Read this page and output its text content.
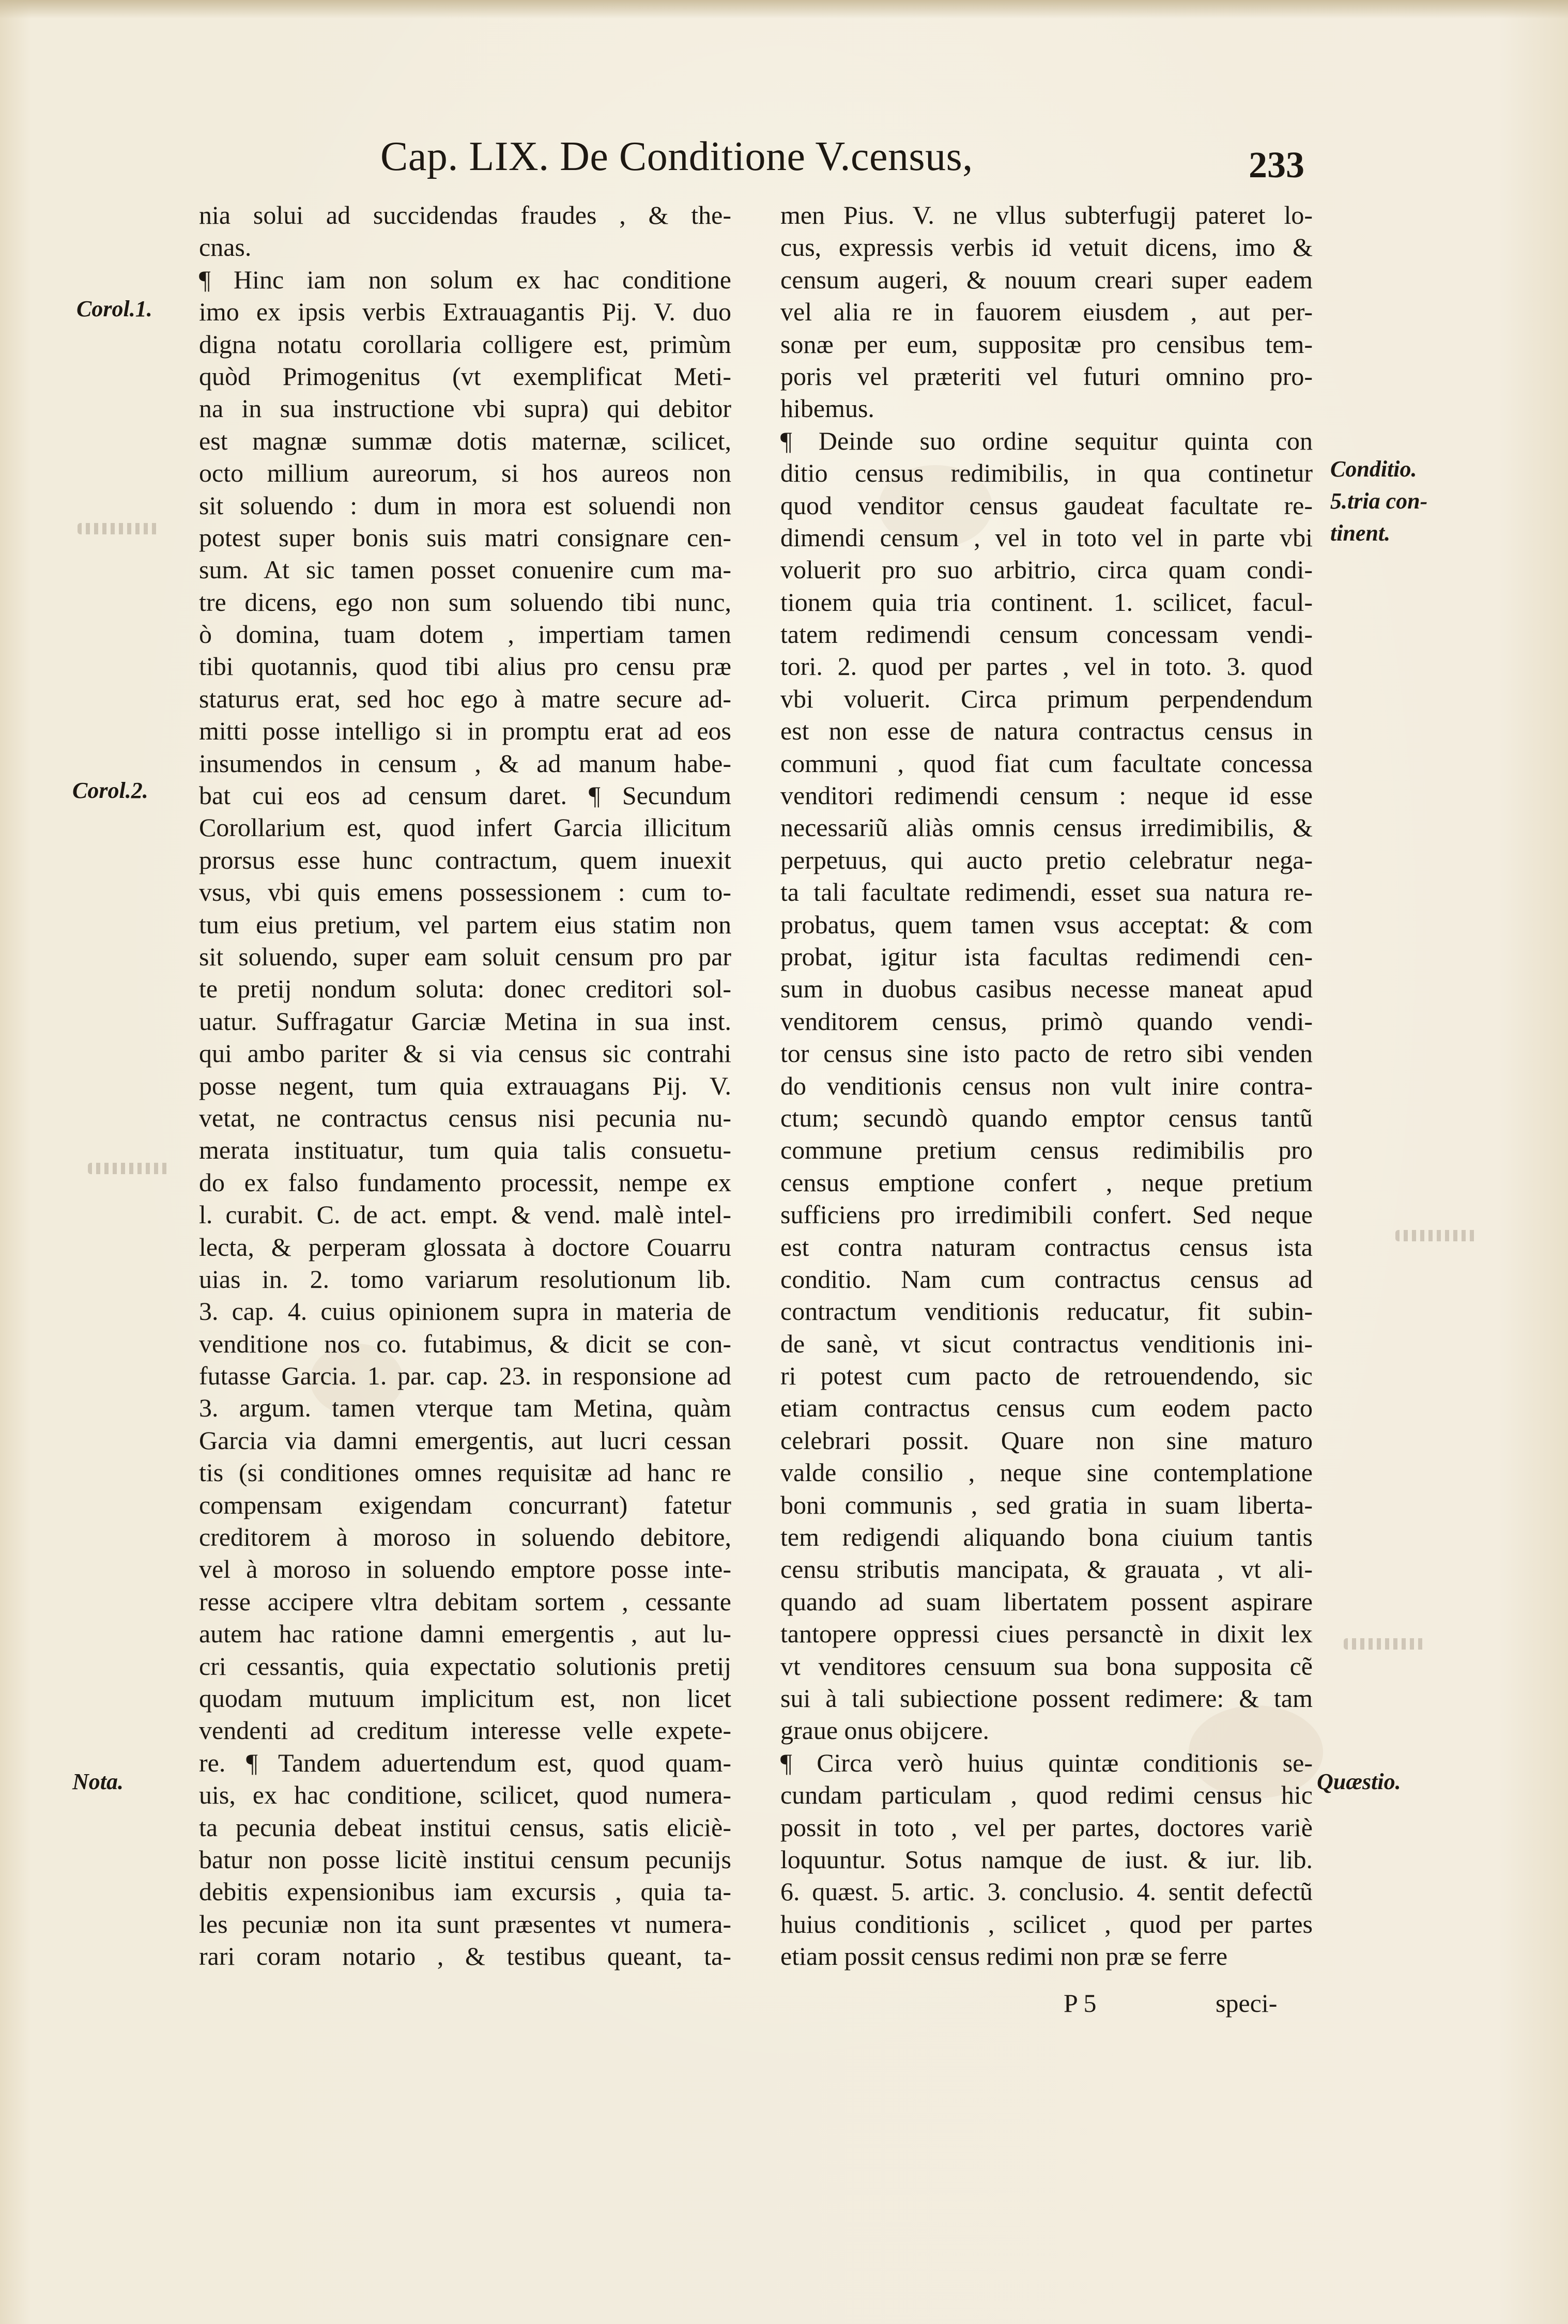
Cap. LIX. De Conditione V.census,	233
Corol.1.
Corol.2.
Nota.
Conditio.
5.tria con-
tinent.
Quæstio.
nia solui ad succidendas fraudes , & the-
cnas.
¶ Hinc iam non solum ex hac conditione
imo ex ipsis verbis Extrauagantis Pij. V. duo
digna notatu corollaria colligere est, primùm
quòd Primogenitus (vt exemplificat Meti-
na in sua instructione vbi supra) qui debitor
est magnæ summæ dotis maternæ, scilicet,
octo millium aureorum, si hos aureos non
sit soluendo : dum in mora est soluendi non
potest super bonis suis matri consignare cen-
sum. At sic tamen posset conuenire cum ma-
tre dicens, ego non sum soluendo tibi nunc,
ò domina, tuam dotem , impertiam tamen
tibi quotannis, quod tibi alius pro censu præ
staturus erat, sed hoc ego à matre secure ad-
mitti posse intelligo si in promptu erat ad eos
insumendos in censum , & ad manum habe-
bat cui eos ad censum daret. ¶ Secundum
Corollarium est, quod infert Garcia illicitum
prorsus esse hunc contractum, quem inuexit
vsus, vbi quis emens possessionem : cum to-
tum eius pretium, vel partem eius statim non
sit soluendo, super eam soluit censum pro par
te pretij nondum soluta: donec creditori sol-
uatur. Suffragatur Garciæ Metina in sua inst.
qui ambo pariter & si via census sic contrahi
posse negent, tum quia extrauagans Pij. V.
vetat, ne contractus census nisi pecunia nu-
merata instituatur, tum quia talis consuetu-
do ex falso fundamento processit, nempe ex
l. curabit. C. de act. empt. & vend. malè intel-
lecta, & perperam glossata à doctore Couarru
uias in. 2. tomo variarum resolutionum lib.
3. cap. 4. cuius opinionem supra in materia de
venditione nos co. futabimus, & dicit se con-
futasse Garcia. 1. par. cap. 23. in responsione ad
3. argum. tamen vterque tam Metina, quàm
Garcia via damni emergentis, aut lucri cessan
tis (si conditiones omnes requisitæ ad hanc re
compensam exigendam concurrant) fatetur
creditorem à moroso in soluendo debitore,
vel à moroso in soluendo emptore posse inte-
resse accipere vltra debitam sortem , cessante
autem hac ratione damni emergentis , aut lu-
cri cessantis, quia expectatio solutionis pretij
quodam mutuum implicitum est, non licet
vendenti ad creditum interesse velle expete-
re. ¶ Tandem aduertendum est, quod quam-
uis, ex hac conditione, scilicet, quod numera-
ta pecunia debeat institui census, satis eliciè-
batur non posse licitè institui censum pecunijs
debitis expensionibus iam excursis , quia ta-
les pecuniæ non ita sunt præsentes vt numera-
rari coram notario , & testibus queant, ta-
men Pius. V. ne vllus subterfugij pateret lo-
cus, expressis verbis id vetuit dicens, imo &
censum augeri, & nouum creari super eadem
vel alia re in fauorem eiusdem , aut per-
sonæ per eum, suppositæ pro censibus tem-
poris vel præteriti vel futuri omnino pro-
hibemus.
¶ Deinde suo ordine sequitur quinta con
ditio census redimibilis, in qua continetur
quod venditor census gaudeat facultate re-
dimendi censum , vel in toto vel in parte vbi
voluerit pro suo arbitrio, circa quam condi-
tionem quia tria continent. 1. scilicet, facul-
tatem redimendi censum concessam vendi-
tori. 2. quod per partes , vel in toto. 3. quod
vbi voluerit. Circa primum perpendendum
est non esse de natura contractus census in
communi , quod fiat cum facultate concessa
venditori redimendi censum : neque id esse
necessariũ aliàs omnis census irredimibilis, &
perpetuus, qui aucto pretio celebratur nega-
ta tali facultate redimendi, esset sua natura re-
probatus, quem tamen vsus acceptat: & com
probat, igitur ista facultas redimendi cen-
sum in duobus casibus necesse maneat apud
venditorem census, primò quando vendi-
tor census sine isto pacto de retro sibi venden
do venditionis census non vult inire contra-
ctum; secundò quando emptor census tantũ
commune pretium census redimibilis pro
census emptione confert , neque pretium
sufficiens pro irredimibili confert. Sed neque
est contra naturam contractus census ista
conditio. Nam cum contractus census ad
contractum venditionis reducatur, fit subin-
de sanè, vt sicut contractus venditionis ini-
ri potest cum pacto de retrouendendo, sic
etiam contractus census cum eodem pacto
celebrari possit. Quare non sine maturo
valde consilio , neque sine contemplatione
boni communis , sed gratia in suam liberta-
tem redigendi aliquando bona ciuium tantis
censu stributis mancipata, & grauata , vt ali-
quando ad suam libertatem possent aspirare
tantopere oppressi ciues persanctè in dixit lex
vt venditores censuum sua bona supposita cẽ
sui à tali subiectione possent redimere: & tam
graue onus obijcere.
¶ Circa verò huius quintæ conditionis se-
cundam particulam , quod redimi census hic
possit in toto , vel per partes, doctores variè
loquuntur. Sotus namque de iust. & iur. lib.
6. quæst. 5. artic. 3. conclusio. 4. sentit defectũ
huius conditionis , scilicet , quod per partes
etiam possit census redimi non præ se ferre
P 5	speci-
